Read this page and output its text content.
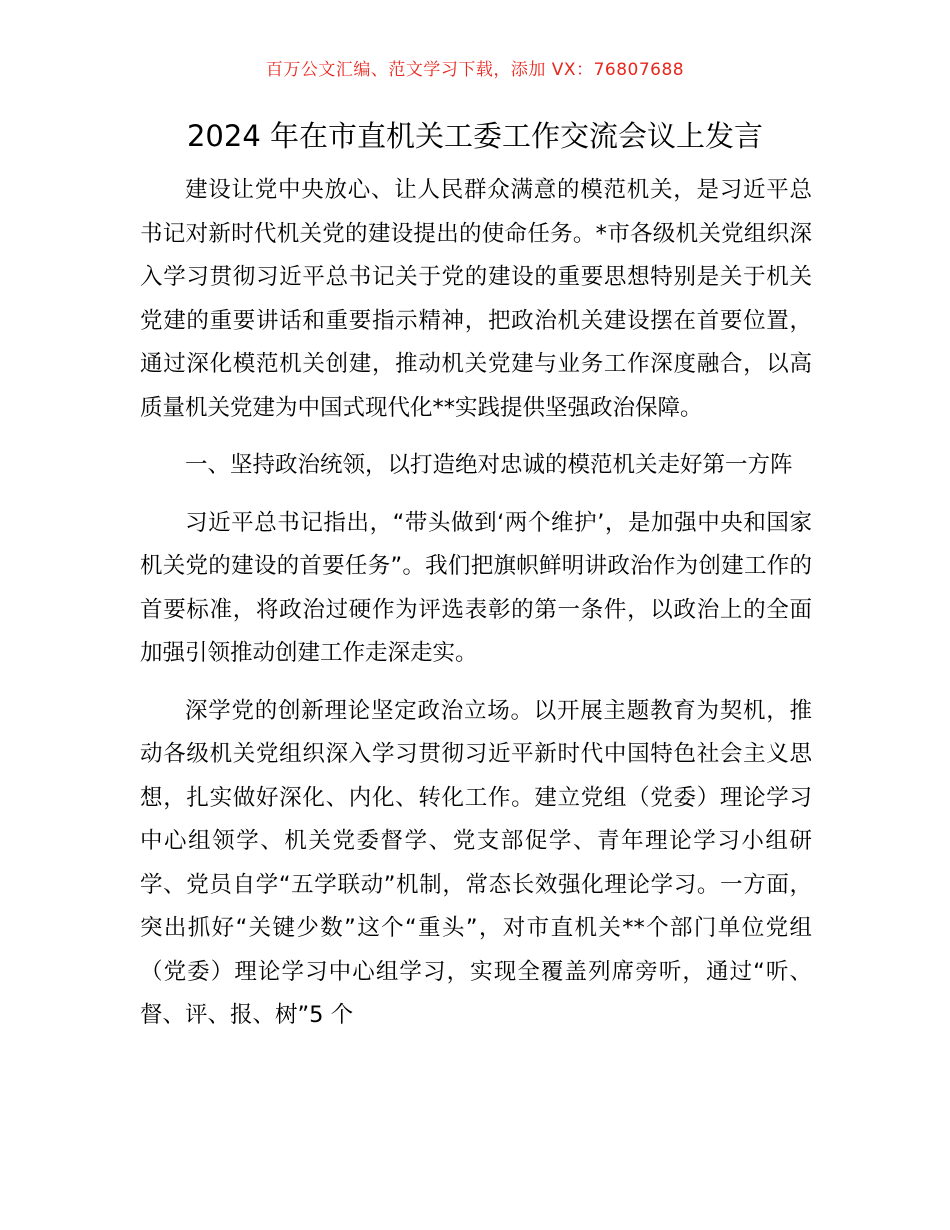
百万公文汇编、范文学习下载，添加 VX：76807688
2024 年在市直机关工委工作交流会议上发言

建设让党中央放心、让人民群众满意的模范机关，是习近平总书记对新时代机关党的建设提出的使命任务。*市各级机关党组织深入学习贯彻习近平总书记关于党的建设的重要思想特别是关于机关党建的重要讲话和重要指示精神，把政治机关建设摆在首要位置，通过深化模范机关创建，推动机关党建与业务工作深度融合，以高质量机关党建为中国式现代化**实践提供坚强政治保障。

一、坚持政治统领，以打造绝对忠诚的模范机关走好第一方阵

习近平总书记指出，“带头做到‘两个维护’，是加强中央和国家机关党的建设的首要任务”。我们把旗帜鲜明讲政治作为创建工作的首要标准，将政治过硬作为评选表彰的第一条件，以政治上的全面加强引领推动创建工作走深走实。

深学党的创新理论坚定政治立场。以开展主题教育为契机，推动各级机关党组织深入学习贯彻习近平新时代中国特色社会主义思想，扎实做好深化、内化、转化工作。建立党组（党委）理论学习中心组领学、机关党委督学、党支部促学、青年理论学习小组研学、党员自学“五学联动”机制，常态长效强化理论学习。一方面，突出抓好“关键少数”这个“重头”，对市直机关**个部门单位党组（党委）理论学习中心组学习，实现全覆盖列席旁听，通过“听、督、评、报、树”5 个
